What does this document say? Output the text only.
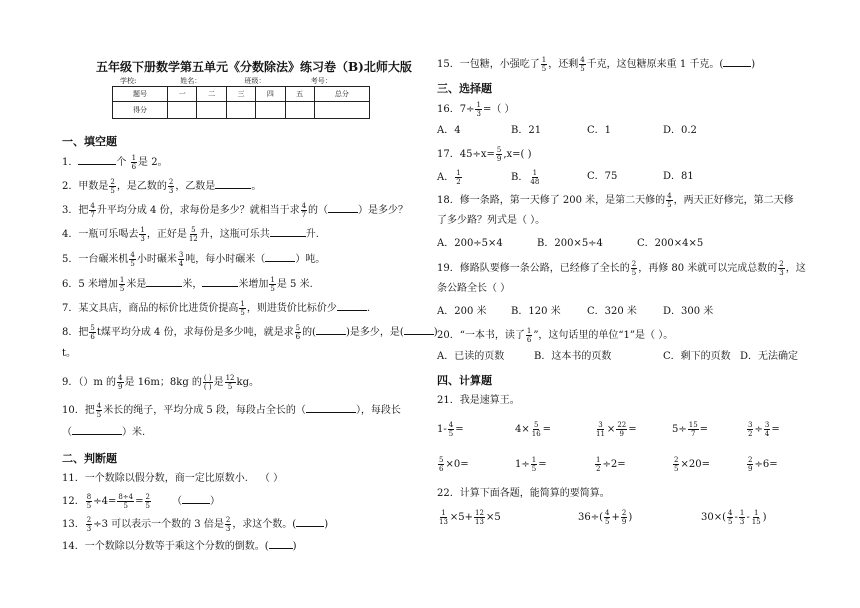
五年级下册数学第五单元《分数除法》练习卷（B)北师大版
学校:	姓名：	班级：	考号：
题号	一	二	三	四	五	总分
得分						
一、填空题
1．	个 $\frac{1}{6}$ 是 2。
2．甲数是 $\frac{2}{5}$ ，是乙数的 $\frac{2}{3}$ ，乙数是	。
3．把 $\frac{4}{7}$ 升平均分成 4 份，求每份是多少？就相当于求 $\frac{4}{7}$ 的（	）是多少？
4．一瓶可乐喝去 $\frac{1}{3}$ ，正好是 $\frac{5}{12}$ 升，这瓶可乐共	升.
5．一台碾米机 $\frac{4}{5}$ 小时碾米 $\frac{3}{4}$ 吨，每小时碾米（	）吨。
6．5 米增加 $\frac{1}{5}$ 米是	米，	米增加 $\frac{1}{5}$ 是 5 米.
7．某文具店，商品的标价比进货价提高 $\frac{1}{5}$ ，则进货价比标价少	.
8．把 $\frac{5}{6}$ t煤平均分成 4 份，求每份是多少吨，就是求 $\frac{5}{6}$ 的(	)是多少，是(	)
t。
9．（）m 的 $\frac{4}{9}$ 是 16m；8kg 的 $\frac{( )}{( )}$ 是 $\frac{12}{5}$ kg。
10．把 $\frac{4}{5}$ 米长的绳子，平均分成 5 段，每段占全长的（	），每段长
（	）米.
二、判断题
11．一个数除以假分数，商一定比原数小. （ ）
12． $\frac{8}{5} \div 4= \frac{8\div 4}{5} = \frac{2}{5}$ （	）
13． $\frac{2}{3} \div 3$ 可以表示一个数的 3 倍是 $\frac{2}{3}$ ，求这个数。(	)
14．一个数除以分数等于乘这个分数的倒数。( )
15．一包糖，小强吃了 $\frac{1}{5}$ ，还剩 $\frac{4}{5}$ 千克，这包糖原来重 1 千克。(	)
三、选择题
16．$7\div \frac{1}{3}$ =（ ）
A．4	B．21	C．1	D．0.2
17．$45\div x= \frac{5}{9} ,x=$( )
A． $\frac{1}{2}$	B． $\frac{1}{48}$	C．75	D．81
18．修一条路，第一天修了 200 米，是第二天修的 $\frac{4}{5}$ ，两天正好修完，第二天修
了多少路？列式是（ ）。
A．200÷5×4	B．200×5÷4	C．200×4×5
19．修路队要修一条公路，已经修了全长的 $\frac{2}{5}$ ，再修 80 米就可以完成总数的 $\frac{2}{3}$ ，这
条公路全长（ ）
A．200 米 B．120 米	C．320 米	D．300 米
20．“一本书，读了 $\frac{1}{6}$ ”，这句话里的单位“1”是（ ）。
A．已读的页数	B．这本书的页数	C．剩下的页数 D．无法确定
四、计算题
21．我是速算王。
$1- \frac{4}{5}$ =	$4\times \frac{5}{16}$ =	$\frac{3}{11} \times \frac{22}{9}$ =	$5\div \frac{15}{7}$ =	$\frac{3}{2} \div \frac{3}{4}$ =
$\frac{5}{6} \times 0=$	$1\div \frac{1}{5}$ =	$\frac{1}{2} \div 2=$	$\frac{2}{5} \times 20=$	$\frac{2}{9} \div 6=$
22．计算下面各题，能简算的要简算。
$\frac{1}{13} \times 5+ \frac{12}{13} \times 5$	$36\div( \frac{4}{5} + \frac{2}{9}$ )	$30\times( \frac{4}{5} - \frac{1}{3} - \frac{1}{15}$ )
